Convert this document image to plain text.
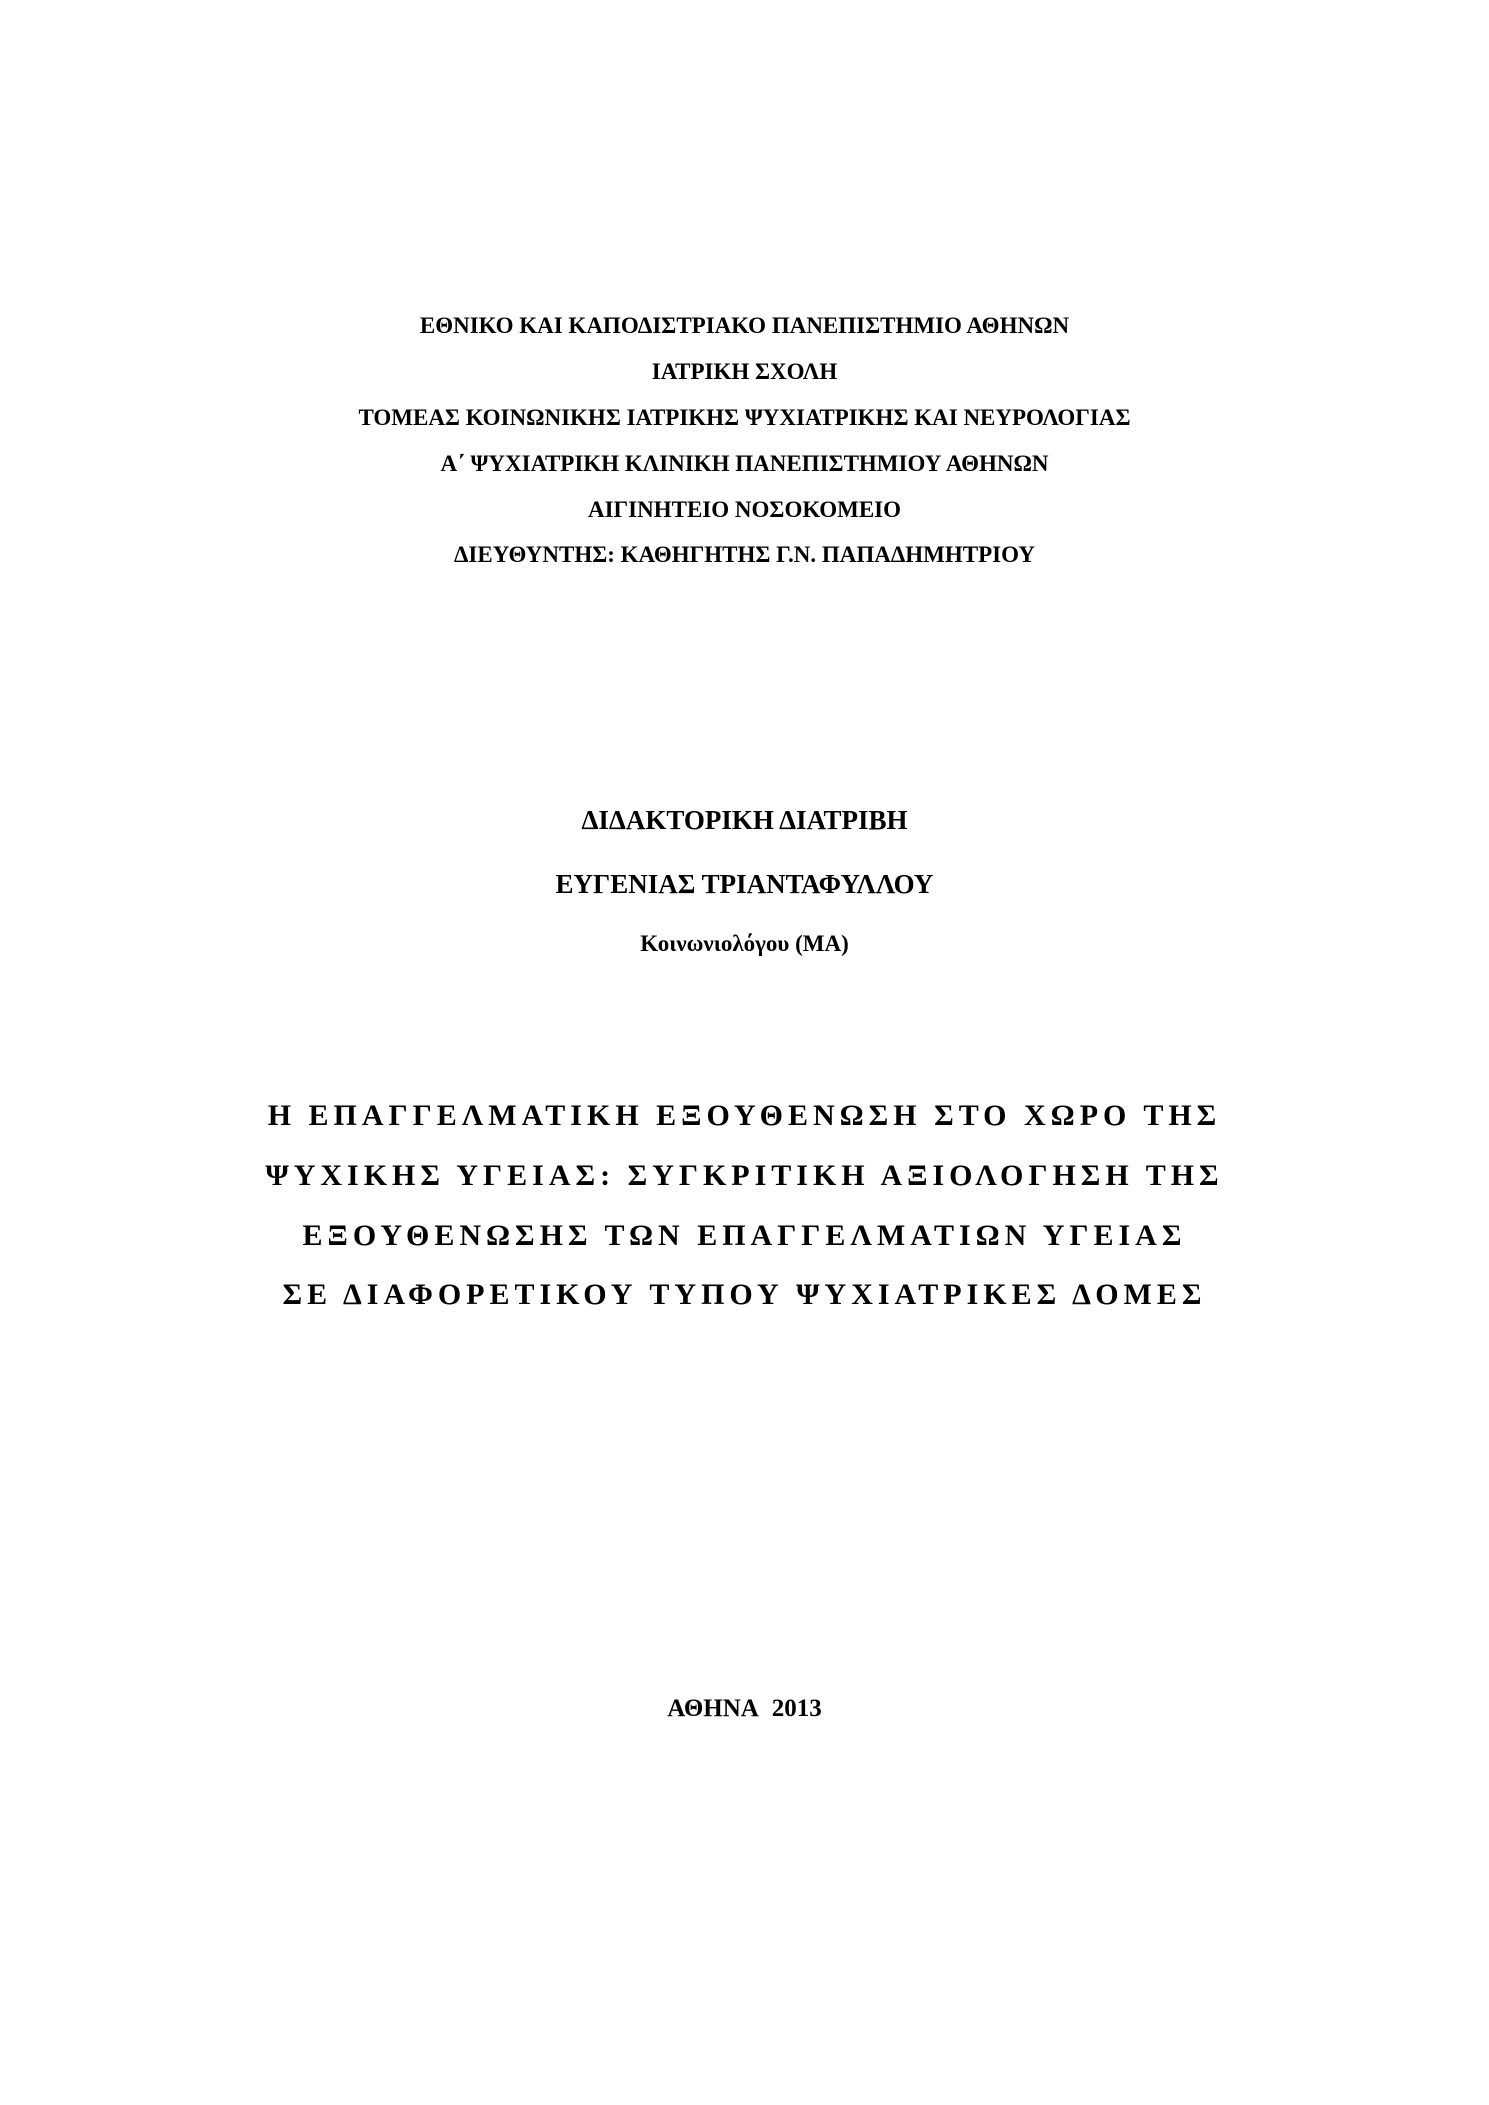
ΕΘΝΙΚΟ ΚΑΙ ΚΑΠΟΔΙΣΤΡΙΑΚΟ ΠΑΝΕΠΙΣΤΗΜΙΟ ΑΘΗΝΩΝ
ΙΑΤΡΙΚΗ ΣΧΟΛΗ
ΤΟΜΕΑΣ ΚΟΙΝΩΝΙΚΗΣ ΙΑΤΡΙΚΗΣ ΨΥΧΙΑΤΡΙΚΗΣ ΚΑΙ ΝΕΥΡΟΛΟΓΙΑΣ
Α΄ ΨΥΧΙΑΤΡΙΚΗ ΚΛΙΝΙΚΗ ΠΑΝΕΠΙΣΤΗΜΙΟΥ ΑΘΗΝΩΝ
ΑΙΓΙΝΗΤΕΙΟ ΝΟΣΟΚΟΜΕΙΟ
ΔΙΕΥΘΥΝΤΗΣ: ΚΑΘΗΓΗΤΗΣ Γ.Ν. ΠΑΠΑΔΗΜΗΤΡΙΟΥ
ΔΙΔΑΚΤΟΡΙΚΗ ΔΙΑΤΡΙΒΗ
ΕΥΓΕΝΙΑΣ ΤΡΙΑΝΤΑΦΥΛΛΟΥ
Κοινωνιολόγου (ΜΑ)
Η ΕΠΑΓΓΕΛΜΑΤΙΚΗ ΕΞΟΥΘΕΝΩΣΗ ΣΤΟ ΧΩΡΟ ΤΗΣ
ΨΥΧΙΚΗΣ ΥΓΕΙΑΣ: ΣΥΓΚΡΙΤΙΚΗ ΑΞΙΟΛΟΓΗΣΗ ΤΗΣ
ΕΞΟΥΘΕΝΩΣΗΣ ΤΩΝ ΕΠΑΓΓΕΛΜΑΤΙΩΝ ΥΓΕΙΑΣ
ΣΕ ΔΙΑΦΟΡΕΤΙΚΟΥ ΤΥΠΟΥ ΨΥΧΙΑΤΡΙΚΕΣ ΔΟΜΕΣ
ΑΘΗΝΑ 2013
